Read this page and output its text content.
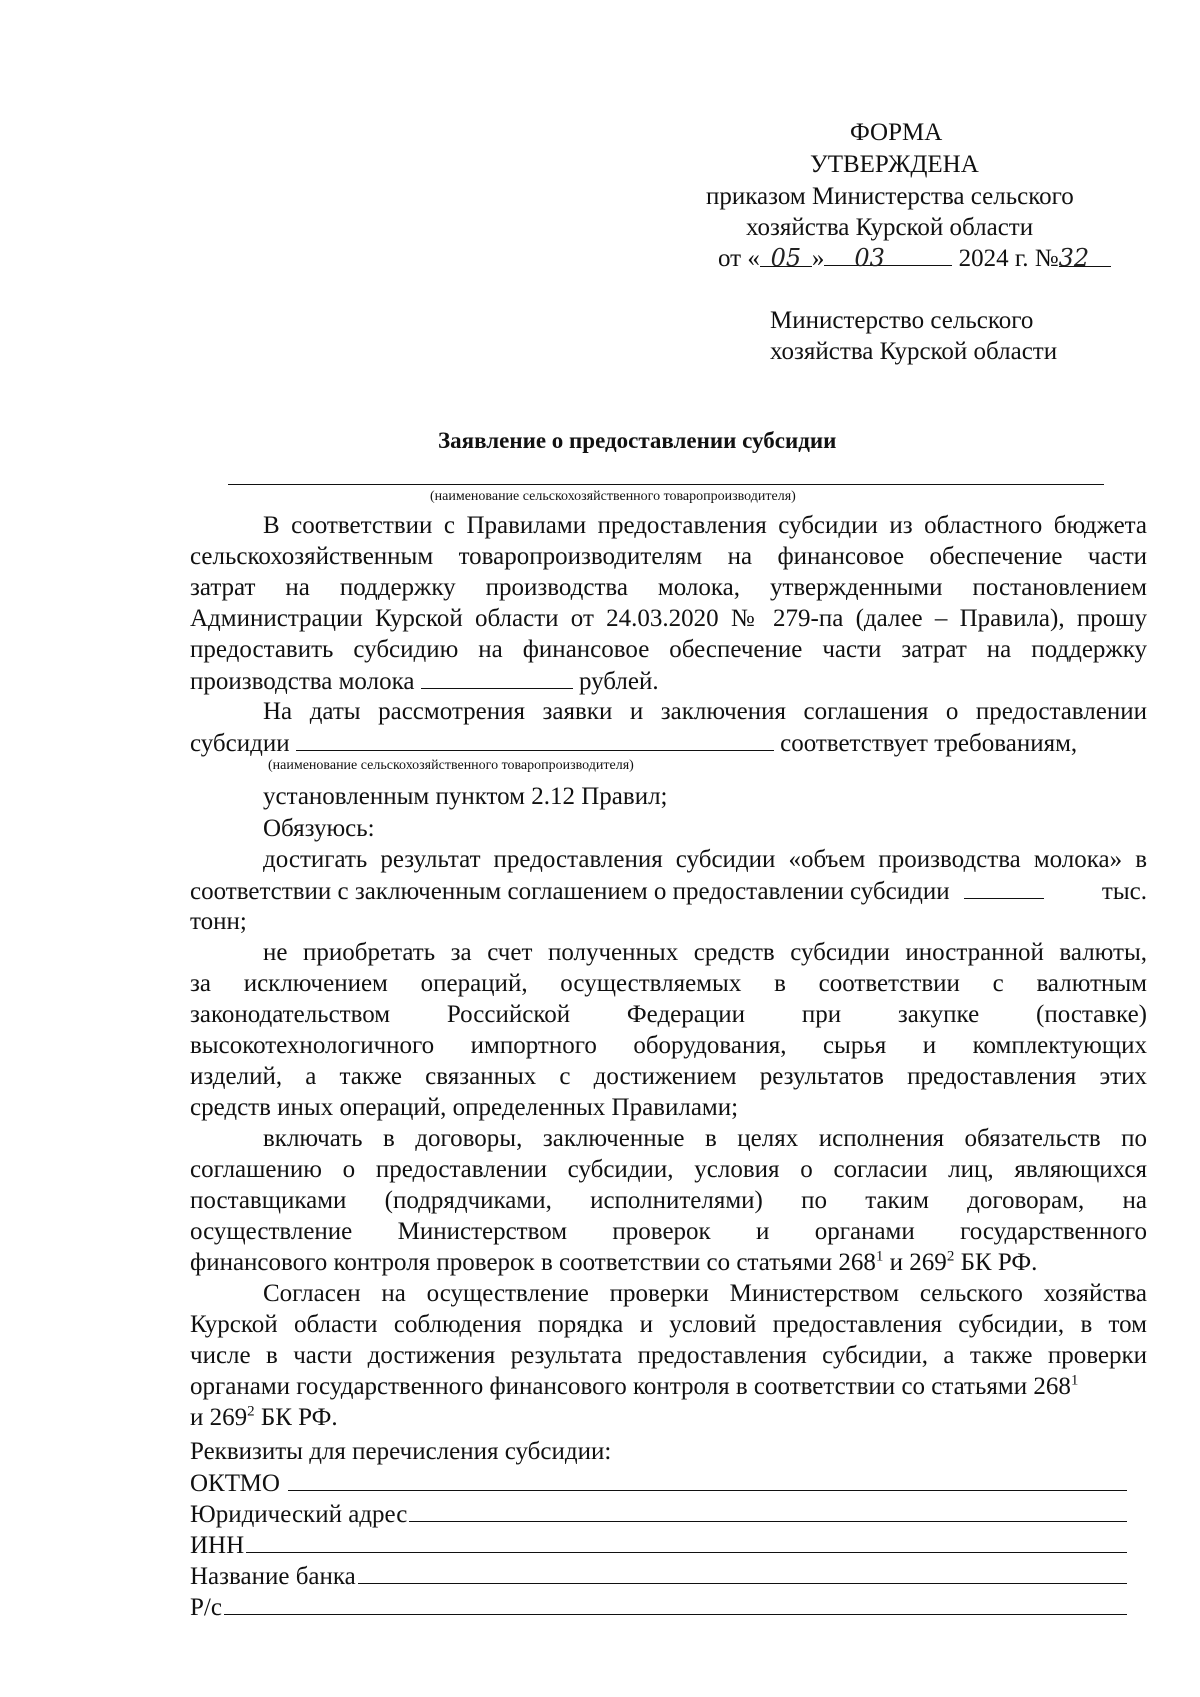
ФОРМА
УТВЕРЖДЕНА
приказом Министерства сельского
хозяйства Курской области
от « 05 » 03	2024 г. №32
Министерство сельского
хозяйства Курской области
Заявление о предоставлении субсидии
(наименование сельскохозяйственного товаропроизводителя)
В соответствии с Правилами предоставления субсидии из областного бюджета
сельскохозяйственным товаропроизводителям на финансовое обеспечение части
затрат на поддержку производства молока, утвержденными постановлением
Администрации Курской области от 24.03.2020 № 279-па (далее – Правила), прошу
предоставить субсидию на финансовое обеспечение части затрат на поддержку
производства молока	рублей.
На даты рассмотрения заявки и заключения соглашения о предоставлении
субсидии	соответствует требованиям,
(наименование сельскохозяйственного товаропроизводителя)
установленным пунктом 2.12 Правил;
Обязуюсь:
достигать результат предоставления субсидии «объем производства молока» в
соответствии с заключенным соглашением о предоставлении субсидии	тыс.
тонн;
не приобретать за счет полученных средств субсидии иностранной валюты,
за исключением операций, осуществляемых в соответствии с валютным
законодательством Российской Федерации при закупке (поставке)
высокотехнологичного импортного оборудования, сырья и комплектующих
изделий, а также связанных с достижением результатов предоставления этих
средств иных операций, определенных Правилами;
включать в договоры, заключенные в целях исполнения обязательств по
соглашению о предоставлении субсидии, условия о согласии лиц, являющихся
поставщиками (подрядчиками, исполнителями) по таким договорам, на
осуществление Министерством проверок и органами государственного
финансового контроля проверок в соответствии со статьями $268^1$ и $269^2$ БК РФ.
Согласен на осуществление проверки Министерством сельского хозяйства
Курской области соблюдения порядка и условий предоставления субсидии, в том
числе в части достижения результата предоставления субсидии, а также проверки
органами государственного финансового контроля в соответствии со статьями $268^1$
и $269^2$ БК РФ.
Реквизиты для перечисления субсидии:
ОКТМО
Юридический адрес
ИНН
Название банка
Р/с
